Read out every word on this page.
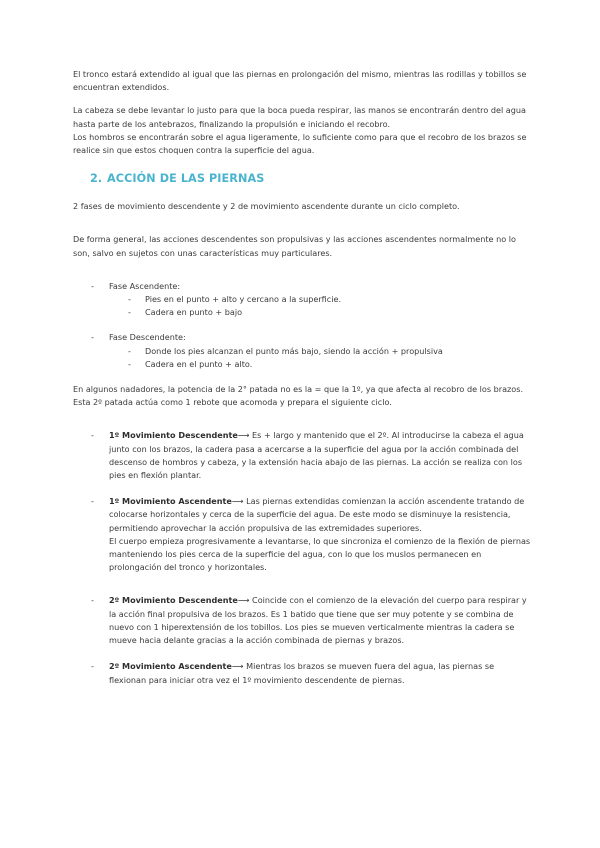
El tronco estará extendido al igual que las piernas en prolongación del mismo, mientras las rodillas y tobillos se encuentran extendidos.

La cabeza se debe levantar lo justo para que la boca pueda respirar, las manos se encontrarán dentro del agua hasta parte de los antebrazos, finalizando la propulsión e iniciando el recobro.

Los hombros se encontrarán sobre el agua ligeramente, lo suficiente como para que el recobro de los brazos se realice sin que estos choquen contra la superficie del agua.

2. ACCIÓN DE LAS PIERNAS

2 fases de movimiento descendente y 2 de movimiento ascendente durante un ciclo completo.

De forma general, las acciones descendentes son propulsivas y las acciones ascendentes normalmente no lo son, salvo en sujetos con unas características muy particulares.

- Fase Ascendente:
- Pies en el punto + alto y cercano a la superficie.
- Cadera en punto + bajo
- Fase Descendente:
- Donde los pies alcanzan el punto más bajo, siendo la acción + propulsiva
- Cadera en el punto + alto.

En algunos nadadores, la potencia de la 2° patada no es la = que la 1º, ya que afecta al recobro de los brazos. Esta 2º patada actúa como 1 rebote que acomoda y prepara el siguiente ciclo.

- 1º Movimiento Descendente⟶ Es + largo y mantenido que el 2º. Al introducirse la cabeza el agua junto con los brazos, la cadera pasa a acercarse a la superficie del agua por la acción combinada del descenso de hombros y cabeza, y la extensión hacia abajo de las piernas. La acción se realiza con los pies en flexión plantar.
- 1º Movimiento Ascendente⟶ Las piernas extendidas comienzan la acción ascendente tratando de colocarse horizontales y cerca de la superficie del agua. De este modo se disminuye la resistencia, permitiendo aprovechar la acción propulsiva de las extremidades superiores.
El cuerpo empieza progresivamente a levantarse, lo que sincroniza el comienzo de la flexión de piernas manteniendo los pies cerca de la superficie del agua, con lo que los muslos permanecen en prolongación del tronco y horizontales.
- 2º Movimiento Descendente⟶ Coincide con el comienzo de la elevación del cuerpo para respirar y la acción final propulsiva de los brazos. Es 1 batido que tiene que ser muy potente y se combina de nuevo con 1 hiperextensión de los tobillos. Los pies se mueven verticalmente mientras la cadera se mueve hacia delante gracias a la acción combinada de piernas y brazos.
- 2º Movimiento Ascendente⟶ Mientras los brazos se mueven fuera del agua, las piernas se flexionan para iniciar otra vez el 1º movimiento descendente de piernas.
